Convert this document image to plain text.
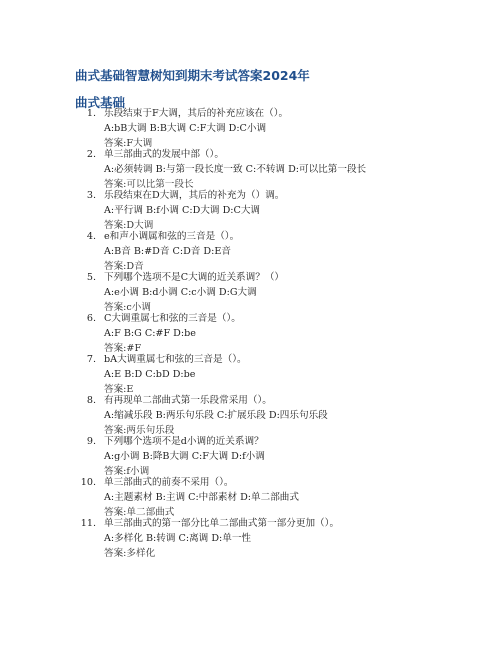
曲式基础智慧树知到期末考试答案2024年
曲式基础
1. 乐段结束于F大调，其后的补充应该在（）。
A:bB大调 B:B大调 C:F大调 D:C小调
答案:F大调
2. 单三部曲式的发展中部（）。
A:必须转调 B:与第一段长度一致 C:不转调 D:可以比第一段长
答案:可以比第一段长
3. 乐段结束在D大调，其后的补充为（）调。
A:平行调 B:f小调 C:D大调 D:C大调
答案:D大调
4. e和声小调属和弦的三音是（）。
A:B音 B:#D音 C:D音 D:E音
答案:D音
5. 下列哪个选项不是C大调的近关系调？（）
A:e小调 B:d小调 C:c小调 D:G大调
答案:c小调
6. C大调重属七和弦的三音是（）。
A:F B:G C:#F D:be
答案:#F
7. bA大调重属七和弦的三音是（）。
A:E B:D C:bD D:be
答案:E
8. 有再现单二部曲式第一乐段常采用（）。
A:缩减乐段 B:两乐句乐段 C:扩展乐段 D:四乐句乐段
答案:两乐句乐段
9. 下列哪个选项不是d小调的近关系调？
A:g小调 B:降B大调 C:F大调 D:f小调
答案:f小调
10. 单三部曲式的前奏不采用（）。
A:主题素材 B:主调 C:中部素材 D:单二部曲式
答案:单二部曲式
11. 单三部曲式的第一部分比单二部曲式第一部分更加（）。
A:多样化 B:转调 C:离调 D:单一性
答案:多样化
